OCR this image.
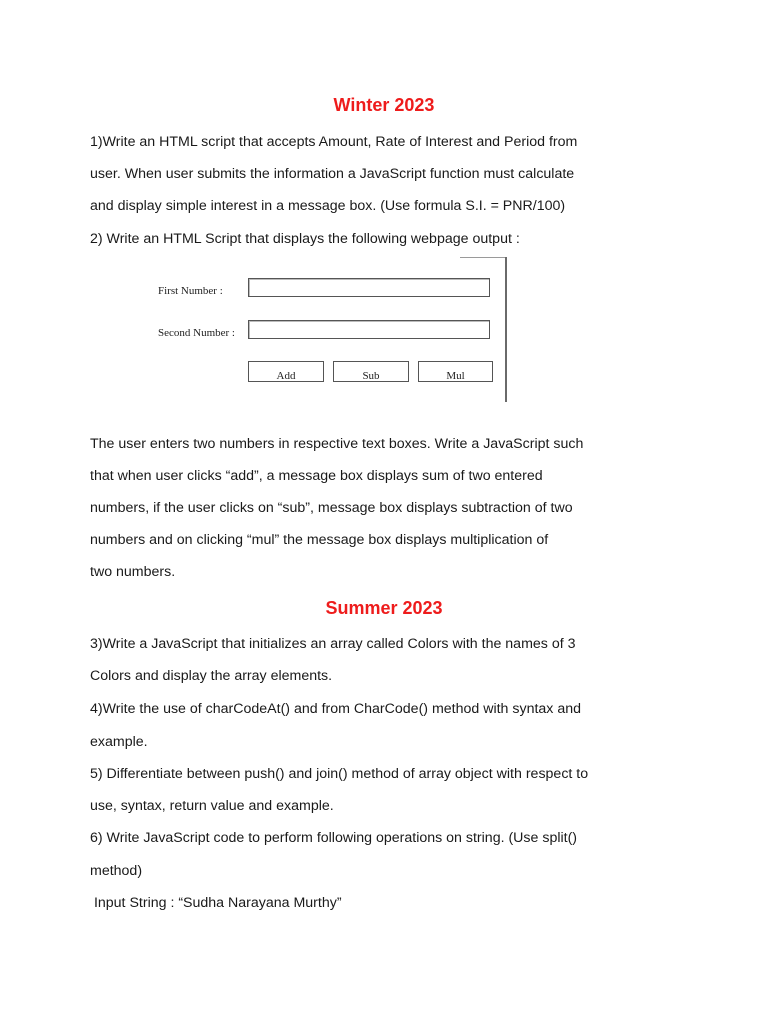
Winter 2023
1)Write an HTML script that accepts Amount, Rate of Interest and Period from
user. When user submits the information a JavaScript function must calculate
and display simple interest in a message box. (Use formula S.I. = PNR/100)
2) Write an HTML Script that displays the following webpage output :
First Number :
Second Number :
Add	Sub	Mul
The user enters two numbers in respective text boxes. Write a JavaScript such
that when user clicks “add”, a message box displays sum of two entered
numbers, if the user clicks on “sub”, message box displays subtraction of two
numbers and on clicking “mul” the message box displays multiplication of
two numbers.
Summer 2023
3)Write a JavaScript that initializes an array called Colors with the names of 3
Colors and display the array elements.
4)Write the use of charCodeAt() and from CharCode() method with syntax and
example.
5) Differentiate between push() and join() method of array object with respect to
use, syntax, return value and example.
6) Write JavaScript code to perform following operations on string. (Use split()
method)
Input String : “Sudha Narayana Murthy”
